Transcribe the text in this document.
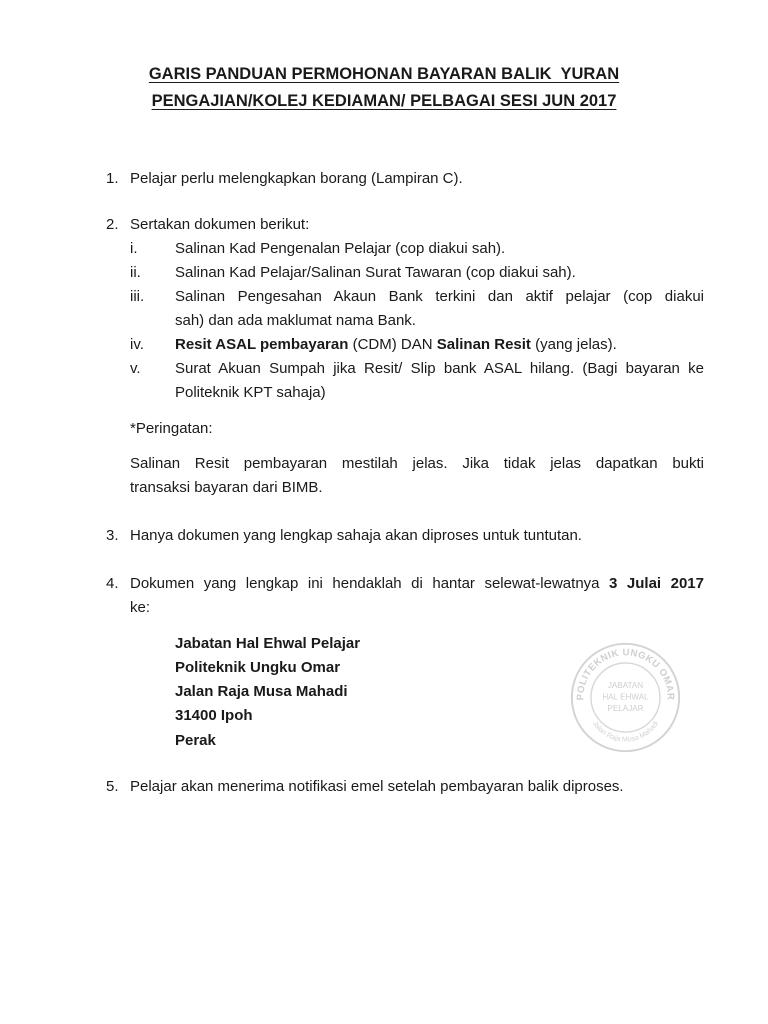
GARIS PANDUAN PERMOHONAN BAYARAN BALIK  YURAN
PENGAJIAN/KOLEJ KEDIAMAN/ PELBAGAI SESI JUN 2017
1. Pelajar perlu melengkapkan borang (Lampiran C).
2. Sertakan dokumen berikut:
i.	Salinan Kad Pengenalan Pelajar (cop diakui sah).
ii. Salinan Kad Pelajar/Salinan Surat Tawaran (cop diakui sah).
iii. Salinan Pengesahan Akaun Bank terkini dan aktif pelajar (cop diakui
sah) dan ada maklumat nama Bank.
iv. Resit ASAL pembayaran (CDM) DAN Salinan Resit (yang jelas).
v. Surat Akuan Sumpah jika Resit/ Slip bank ASAL hilang. (Bagi bayaran ke
Politeknik KPT sahaja)
*Peringatan:
Salinan Resit pembayaran mestilah jelas. Jika tidak jelas dapatkan bukti
transaksi bayaran dari BIMB.
3. Hanya dokumen yang lengkap sahaja akan diproses untuk tuntutan.
4. Dokumen yang lengkap ini hendaklah di hantar selewat-lewatnya 3 Julai 2017
ke:
Jabatan Hal Ehwal Pelajar
Politeknik Ungku Omar
Jalan Raja Musa Mahadi
31400 Ipoh
Perak
5. Pelajar akan menerima notifikasi emel setelah pembayaran balik diproses.
POLITEKNIK UNGKU OMAR
Jalan Raja Musa Mahadi
JABATAN
HAL EHWAL
PELAJAR
